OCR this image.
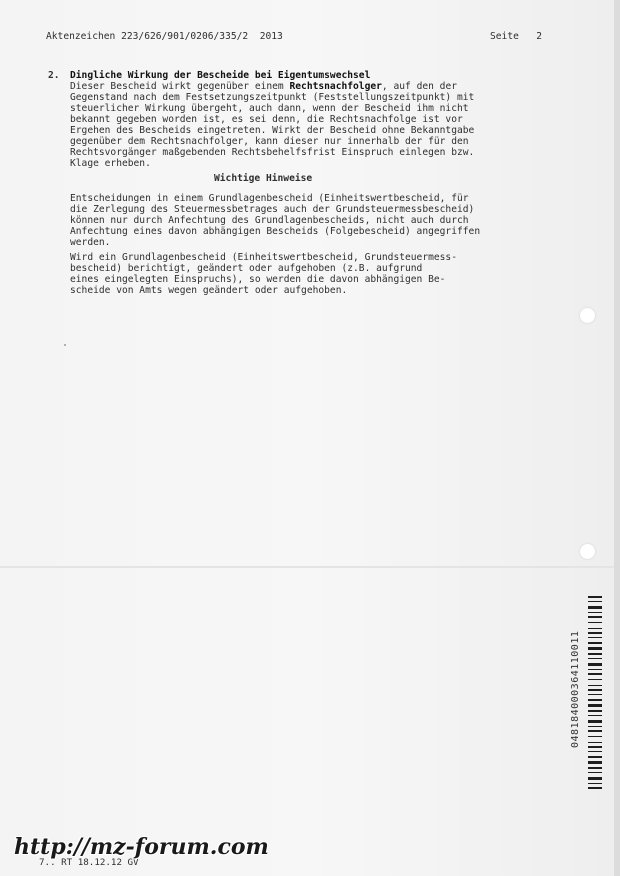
Aktenzeichen 223/626/901/0206/335/2  2013	Seite   2
2. Dingliche Wirkung der Bescheide bei Eigentumswechsel
Dieser Bescheid wirkt gegenüber einem Rechtsnachfolger, auf den der
Gegenstand nach dem Festsetzungszeitpunkt (Feststellungszeitpunkt) mit
steuerlicher Wirkung übergeht, auch dann, wenn der Bescheid ihm nicht
bekannt gegeben worden ist, es sei denn, die Rechtsnachfolge ist vor
Ergehen des Bescheids eingetreten. Wirkt der Bescheid ohne Bekanntgabe
gegenüber dem Rechtsnachfolger, kann dieser nur innerhalb der für den
Rechtsvorgänger maßgebenden Rechtsbehelfsfrist Einspruch einlegen bzw.
Klage erheben.
Wichtige Hinweise
Entscheidungen in einem Grundlagenbescheid (Einheitswertbescheid, für
die Zerlegung des Steuermessbetrages auch der Grundsteuermessbescheid)
können nur durch Anfechtung des Grundlagenbescheids, nicht auch durch
Anfechtung eines davon abhängigen Bescheids (Folgebescheid) angegriffen
werden.
Wird ein Grundlagenbescheid (Einheitswertbescheid, Grundsteuermess-
bescheid) berichtigt, geändert oder aufgehoben (z.B. aufgrund
eines eingelegten Einspruchs), so werden die davon abhängigen Be-
scheide von Amts wegen geändert oder aufgehoben.
048184000364110011
7.. RT 18.12.12 GV
http://mz-forum.com
